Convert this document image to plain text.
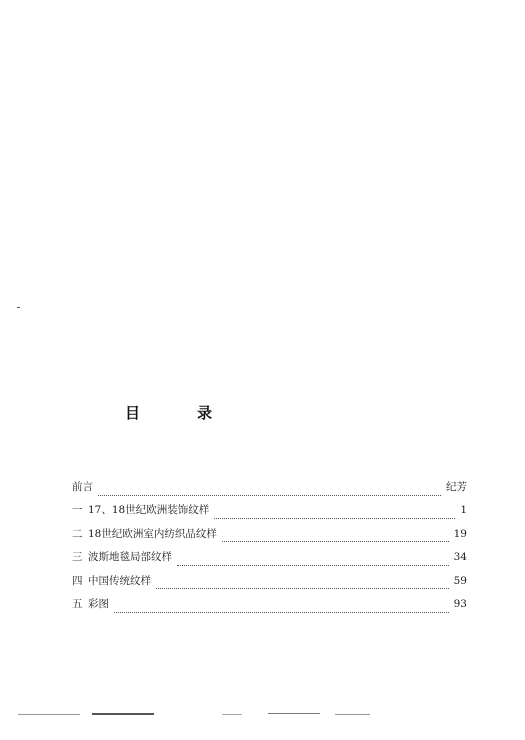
目	录
前言	纪芳
一 17、18世纪欧洲装饰纹样	1
二 18世纪欧洲室内纺织品纹样	19
三 波斯地毯局部纹样	34
四 中国传统纹样	59
五 彩图	93
